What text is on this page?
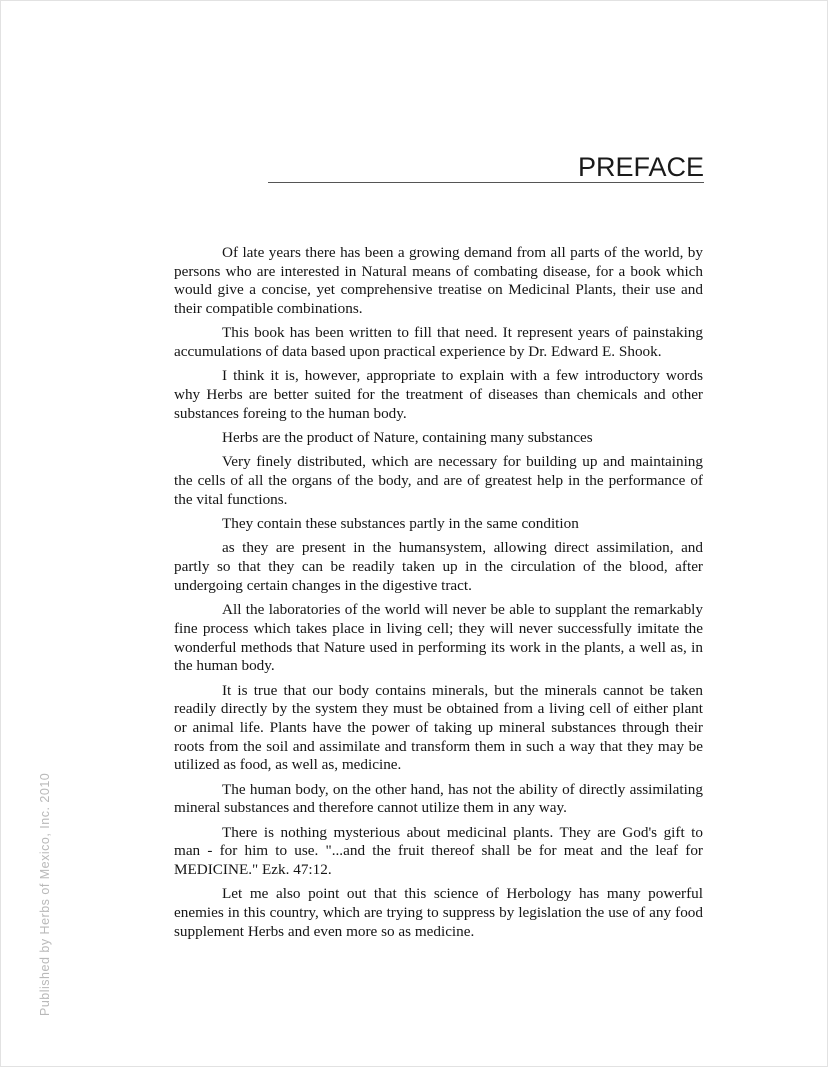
PREFACE

Of late years there has been a growing demand from all parts of the world, by persons who are interested in Natural means of combating disease, for a book which would give a concise, yet comprehensive treatise on Medicinal Plants, their use and their compatible combinations.

This book has been written to fill that need. It represent years of painstaking accumulations of data based upon practical experience by Dr. Edward E. Shook.

I think it is, however, appropriate to explain with a few introductory words why Herbs are better suited for the treatment of diseases than chemicals and other substances foreing to the human body.

Herbs are the product of Nature, containing many substances

Very finely distributed, which are necessary for building up and maintaining the cells of all the organs of the body, and are of greatest help in the performance of the vital functions.

They contain these substances partly in the same condition

as they are present in the humansystem, allowing direct assimilation, and partly so that they can be readily taken up in the circulation of the blood, after undergoing certain changes in the digestive tract.

All the laboratories of the world will never be able to supplant the remarkably fine process which takes place in living cell; they will never successfully imitate the wonderful methods that Nature used in performing its work in the plants, a well as, in the human body.

It is true that our body contains minerals, but the minerals cannot be taken readily directly by the system they must be obtained from a living cell of either plant or animal life. Plants have the power of taking up mineral substances through their roots from the soil and assimilate and transform them in such a way that they may be utilized as food, as well as, medicine.

The human body, on the other hand, has not the ability of directly assimilating mineral substances and therefore cannot utilize them in any way.

There is nothing mysterious about medicinal plants. They are God's gift to man - for him to use. "...and the fruit thereof shall be for meat and the leaf for MEDICINE." Ezk. 47:12.

Let me also point out that this science of Herbology has many powerful enemies in this country, which are trying to suppress by legislation the use of any food supplement Herbs and even more so as medicine.

Published by Herbs of Mexico, Inc. 2010
